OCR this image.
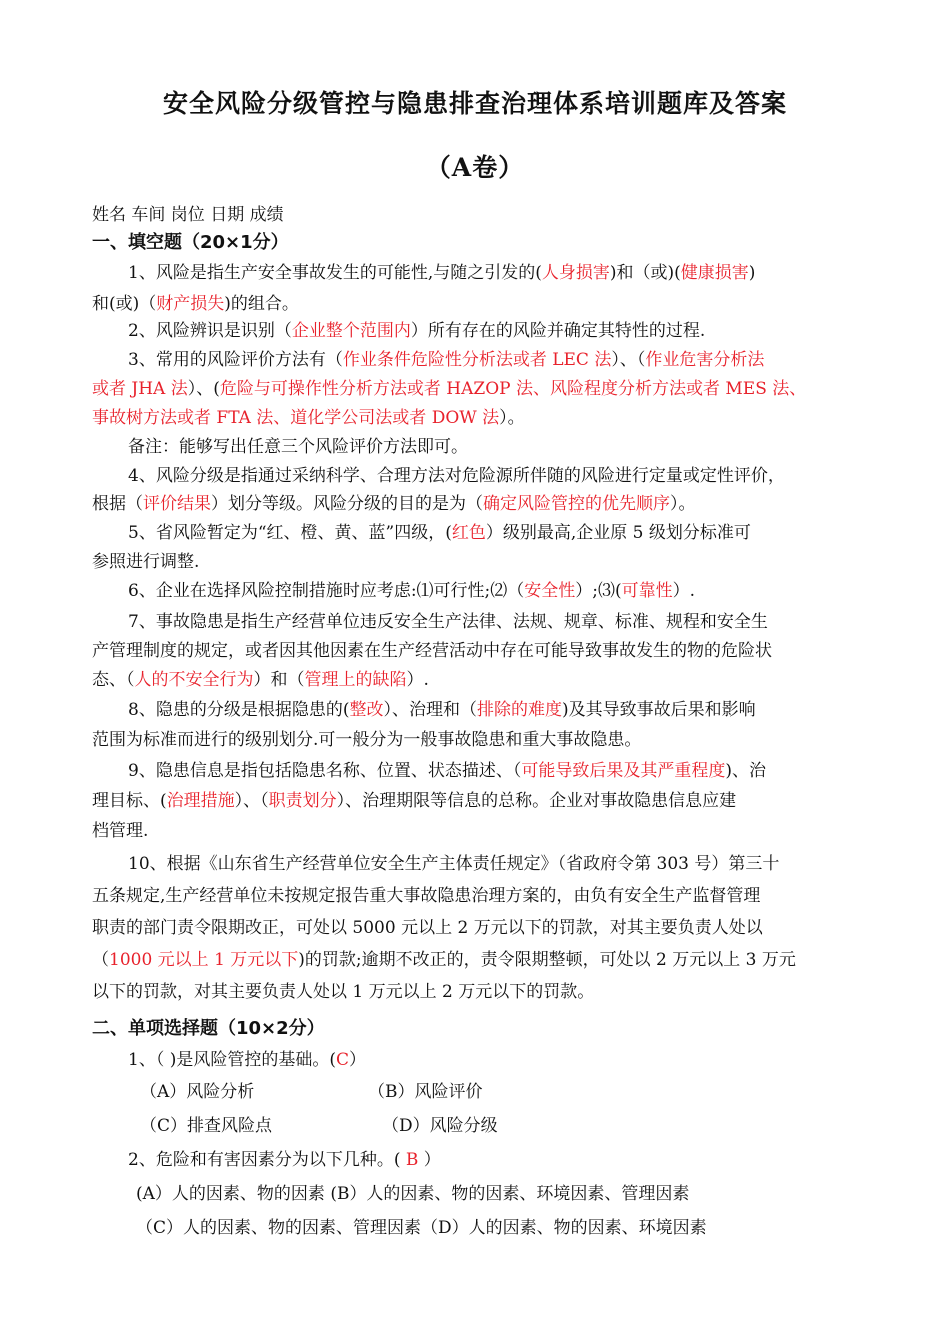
安全风险分级管控与隐患排查治理体系培训题库及答案
（A卷）
姓名 车间 岗位 日期 成绩
一、填空题（20×1分）
1、风险是指生产安全事故发生的可能性,与随之引发的(人身损害)和（或)(健康损害)
和(或)（财产损失)的组合。
2、风险辨识是识别（企业整个范围内）所有存在的风险并确定其特性的过程.
3、常用的风险评价方法有（作业条件危险性分析法或者 LEC 法）、（作业危害分析法
或者 JHA 法）、(危险与可操作性分析方法或者 HAZOP 法、风险程度分析方法或者 MES 法、
事故树方法或者 FTA 法、道化学公司法或者 DOW 法）。
备注：能够写出任意三个风险评价方法即可。
4、风险分级是指通过采纳科学、合理方法对危险源所伴随的风险进行定量或定性评价，
根据（评价结果）划分等级。风险分级的目的是为（确定风险管控的优先顺序）。
5、省风险暂定为“红、橙、黄、蓝”四级，(红色）级别最高,企业原 5 级划分标准可
参照进行调整.
6、企业在选择风险控制措施时应考虑:⑴可行性;⑵（安全性）;⑶(可靠性）.
7、事故隐患是指生产经营单位违反安全生产法律、法规、规章、标准、规程和安全生
产管理制度的规定，或者因其他因素在生产经营活动中存在可能导致事故发生的物的危险状
态、（人的不安全行为）和（管理上的缺陷）.
8、隐患的分级是根据隐患的(整改）、治理和（排除的难度)及其导致事故后果和影响
范围为标准而进行的级别划分.可一般分为一般事故隐患和重大事故隐患。
9、隐患信息是指包括隐患名称、位置、状态描述、（可能导致后果及其严重程度)、治
理目标、(治理措施）、（职责划分）、治理期限等信息的总称。企业对事故隐患信息应建
档管理.
10、根据《山东省生产经营单位安全生产主体责任规定》（省政府令第 303 号）第三十
五条规定,生产经营单位未按规定报告重大事故隐患治理方案的，由负有安全生产监督管理
职责的部门责令限期改正，可处以 5000 元以上 2 万元以下的罚款，对其主要负责人处以
（1000 元以上 1 万元以下)的罚款;逾期不改正的，责令限期整顿，可处以 2 万元以上 3 万元
以下的罚款，对其主要负责人处以 1 万元以上 2 万元以下的罚款。
二、单项选择题（10×2分）
1、（ )是风险管控的基础。(C）
（A）风险分析	（B）风险评价
（C）排查风险点	（D）风险分级
2、危险和有害因素分为以下几种。( B ）
(A）人的因素、物的因素 (B）人的因素、物的因素、环境因素、管理因素
（C）人的因素、物的因素、管理因素（D）人的因素、物的因素、环境因素
